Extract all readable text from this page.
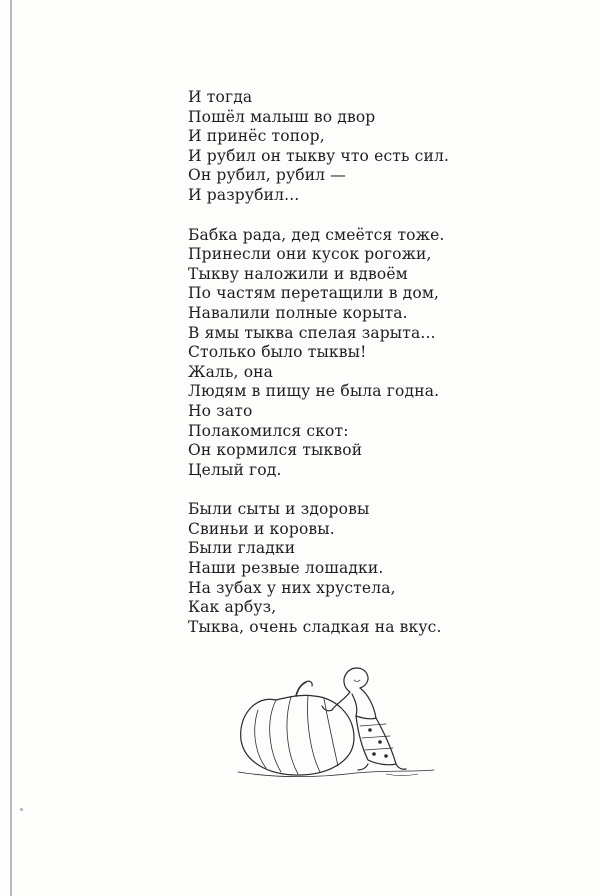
И тогда
Пошёл малыш во двор
И принёс топор,
И рубил он тыкву что есть сил.
Он рубил, рубил —
И разрубил...
Бабка рада, дед смеётся тоже.
Принесли они кусок рогожи,
Тыкву наложили и вдвоём
По частям перетащили в дом,
Навалили полные корыта.
В ямы тыква спелая зарыта...
Столько было тыквы!
Жаль, она
Людям в пищу не была годна.
Но зато
Полакомился скот:
Он кормился тыквой
Целый год.
Были сыты и здоровы
Свиньи и коровы.
Были гладки
Наши резвые лошадки.
На зубах у них хрустела,
Как арбуз,
Тыква, очень сладкая на вкус.
